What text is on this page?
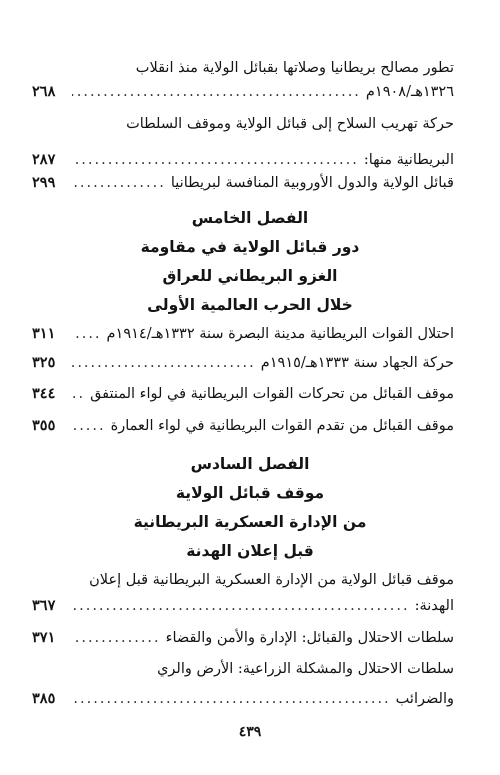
تطور مصالح بريطانيا وصلاتها بقبائل الولاية منذ انقلاب
١٣٢٦هـ/١٩٠٨م
.....
٢٦٨
حركة تهريب السلاح إلى قبائل الولاية وموقف السلطات
البريطانية منها:
.....
٢٨٧
قبائل الولاية والدول الأوروبية المنافسة لبريطانيا
.....
٢٩٩
الفصل الخامس
دور قبائل الولاية في مقاومة
الغزو البريطاني للعراق
خلال الحرب العالمية الأولى
احتلال القوات البريطانية مدينة البصرة سنة ١٣٣٢هـ/١٩١٤م
.....
٣١١
حركة الجهاد سنة ١٣٣٣هـ/١٩١٥م
.....
٣٢٥
موقف القبائل من تحركات القوات البريطانية في لواء المنتفق
.....
٣٤٤
موقف القبائل من تقدم القوات البريطانية في لواء العمارة
.....
٣٥٥
الفصل السادس
موقف قبائل الولاية
من الإدارة العسكرية البريطانية
قبل إعلان الهدنة
موقف قبائل الولاية من الإدارة العسكرية البريطانية قبل إعلان
الهدنة:
.....
٣٦٧
سلطات الاحتلال والقبائل: الإدارة والأمن والقضاء
.....
٣٧١
سلطات الاحتلال والمشكلة الزراعية: الأرض والري
والضرائب
.....
٣٨٥
٤٣٩
